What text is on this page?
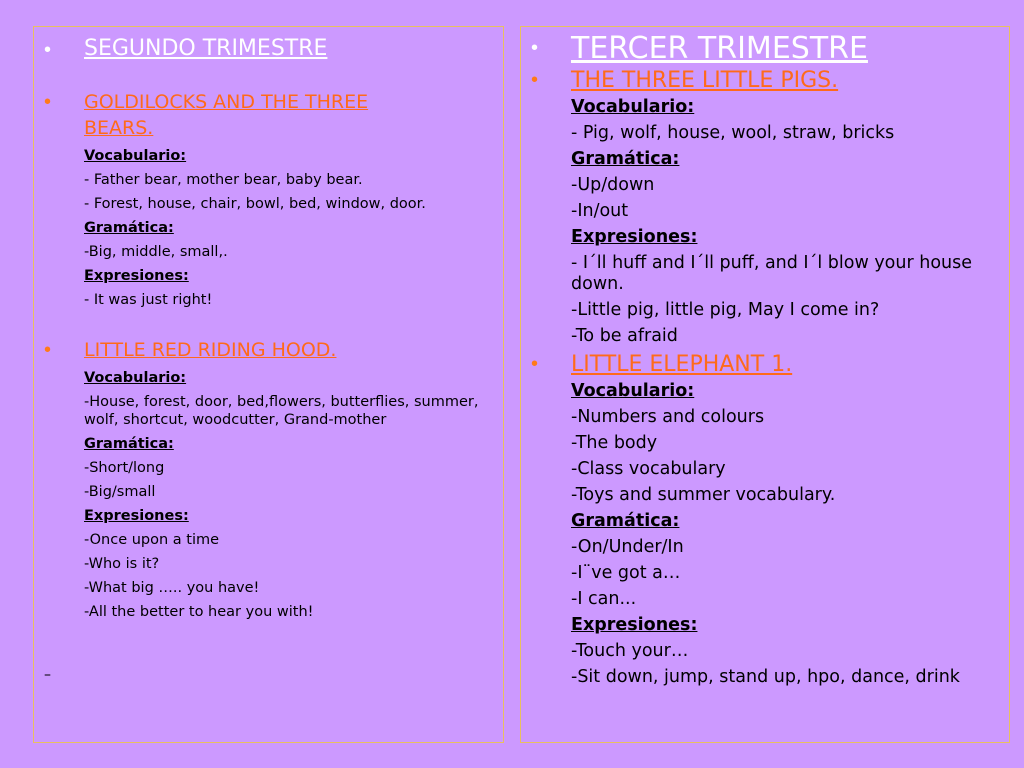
• SEGUNDO TRIMESTRE
• GOLDILOCKS AND THE THREE
BEARS.
Vocabulario:
- Father bear, mother bear, baby bear.
- Forest, house, chair, bowl, bed, window, door.
Gramática:
-Big, middle, small,.
Expresiones:
- It was just right!
• LITTLE RED RIDING HOOD.
Vocabulario:
-House, forest, door, bed,flowers, butterflies, summer, wolf, shortcut, woodcutter, Grand-mother
Gramática:
-Short/long
-Big/small
Expresiones:
-Once upon a time
-Who is it?
-What big ….. you have!
-All the better to hear you with!
–
• TERCER TRIMESTRE
• THE THREE LITTLE PIGS.
Vocabulario:
- Pig, wolf, house, wool, straw, bricks
Gramática:
-Up/down
-In/out
Expresiones:
- I´ll huff and I´ll puff, and I´l blow your house down.
-Little pig, little pig, May I come in?
-To be afraid
• LITTLE ELEPHANT 1.
Vocabulario:
-Numbers and colours
-The body
-Class vocabulary
-Toys and summer vocabulary.
Gramática:
-On/Under/In
-I¨ve got a…
-I can...
Expresiones:
-Touch your…
-Sit down, jump, stand up, hpo, dance, drink
